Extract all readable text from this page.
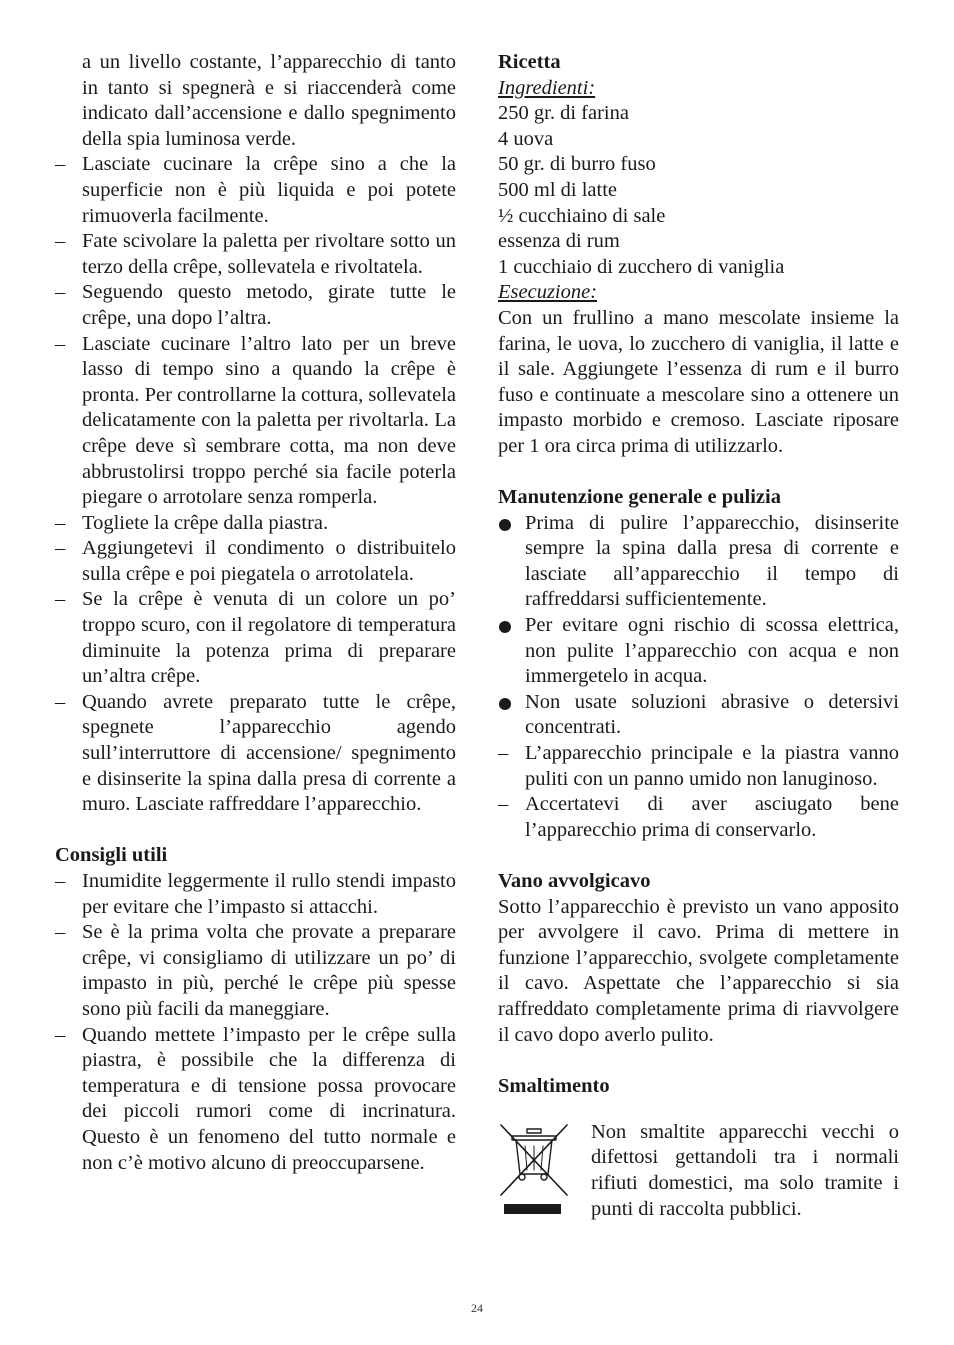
a un livello costante, l’apparecchio di tanto in tanto si spegnerà e si riaccenderà come indicato dall’accensione e dallo spegnimento della spia luminosa verde.

– Lasciate cucinare la crêpe sino a che la superficie non è più liquida e poi potete rimuoverla facilmente.

– Fate scivolare la paletta per rivoltare sotto un terzo della crêpe, sollevatela e rivoltatela.

– Seguendo questo metodo, girate tutte le crêpe, una dopo l’altra.

– Lasciate cucinare l’altro lato per un breve lasso di tempo sino a quando la crêpe è pronta. Per controllarne la cottura, sollevatela delicatamente con la paletta per rivoltarla. La crêpe deve sì sembrare cotta, ma non deve abbrustolirsi troppo perché sia facile poterla piegare o arrotolare senza romperla.

– Togliete la crêpe dalla piastra.

– Aggiungetevi il condimento o distribuitelo sulla crêpe e poi piegatela o arrotolatela.

– Se la crêpe è venuta di un colore un po’ troppo scuro, con il regolatore di temperatura diminuite la potenza prima di preparare un’altra crêpe.

– Quando avrete preparato tutte le crêpe, spegnete l’apparecchio agendo sull’interruttore di accensione/ spegnimento e disinserite la spina dalla presa di corrente a muro. Lasciate raffreddare l’apparecchio.

Consigli utili

– Inumidite leggermente il rullo stendi impasto per evitare che l’impasto si attacchi.

– Se è la prima volta che provate a preparare crêpe, vi consigliamo di utilizzare un po’ di impasto in più, perché le crêpe più spesse sono più facili da maneggiare.

– Quando mettete l’impasto per le crêpe sulla piastra, è possibile che la differenza di temperatura e di tensione possa provocare dei piccoli rumori come di incrinatura. Questo è un fenomeno del tutto normale e non c’è motivo alcuno di preoccuparsene.

Ricetta

Ingredienti:

250 gr. di farina
4 uova
50 gr. di burro fuso
500 ml di latte
½ cucchiaino di sale
essenza di rum
1 cucchiaio di zucchero di vaniglia

Esecuzione:

Con un frullino a mano mescolate insieme la farina, le uova, lo zucchero di vaniglia, il latte e il sale. Aggiungete l’essenza di rum e il burro fuso e continuate a mescolare sino a ottenere un impasto morbido e cremoso. Lasciate riposare per 1 ora circa prima di utilizzarlo.

Manutenzione generale e pulizia

Prima di pulire l’apparecchio, disinserite sempre la spina dalla presa di corrente e lasciate all’apparecchio il tempo di raffreddarsi sufficientemente.

Per evitare ogni rischio di scossa elettrica, non pulite l’apparecchio con acqua e non immergetelo in acqua.

Non usate soluzioni abrasive o detersivi concentrati.

– L’apparecchio principale e la piastra vanno puliti con un panno umido non lanuginoso.

– Accertatevi di aver asciugato bene l’apparecchio prima di conservarlo.

Vano avvolgicavo

Sotto l’apparecchio è previsto un vano apposito per avvolgere il cavo. Prima di mettere in funzione l’apparecchio, svolgete completamente il cavo. Aspettate che l’apparecchio si sia raffreddato completamente prima di riavvolgere il cavo dopo averlo pulito.

Smaltimento

Non smaltite apparecchi vecchi o difettosi gettandoli tra i normali rifiuti domestici, ma solo tramite i punti di raccolta pubblici.

24
